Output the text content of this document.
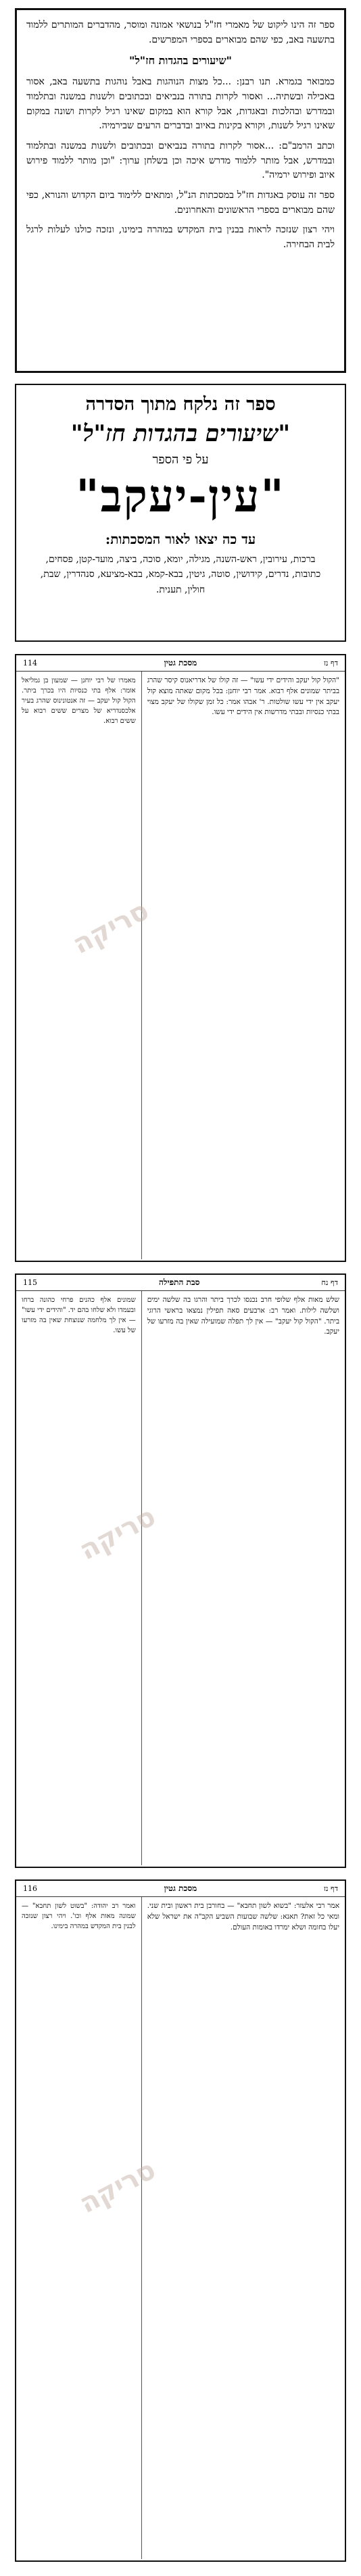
ספר זה הינו ליקוט של מאמרי חז"ל בנושאי אמונה ומוסר, מהדברים המותרים ללמוד בתשעה באב, כפי שהם מבוארים בספרי המפרשים.

"שיעורים בהגדות חז"ל"

כמבואר בגמרא. תנו רבנן: ...כל מצות הנוהגות באבל נוהגות בתשעה באב, אסור באכילה ובשתיה... ואסור לקרות בתורה בנביאים ובכתובים ולשנות במשנה ובתלמוד ובמדרש ובהלכות ובאגדות, אבל קורא הוא במקום שאינו רגיל לקרות ושונה במקום שאינו רגיל לשנות, וקורא בקינות באיוב ובדברים הרעים שבירמיה.

וכתב הרמב"ם: ...אסור לקרות בתורה בנביאים ובכתובים ולשנות במשנה ובתלמוד ובמדרש, אבל מותר ללמוד מדרש איכה וכן בשלחן ערוך: "וכן מותר ללמוד פירוש איוב ופירוש ירמיה".

ספר זה עוסק באגדות חז"ל במסכתות הנ"ל, ומתאים ללימוד ביום הקדוש והנורא, כפי שהם מבוארים בספרי הראשונים והאחרונים.

ויהי רצון שנזכה לראות בבנין בית המקדש במהרה בימינו, ונזכה כולנו לעלות לרגל לבית הבחירה.

ספר זה נלקח מתוך הסדרה
"שיעורים בהגדות חז"ל"
על פי הספר
"עין-יעקב"
עד כה יצאו לאור המסכתות:
ברכות, עירובין, ראש-השנה, מגילה, יומא, סוכה, ביצה, מועד-קטן, פסחים, כתובות, נדרים, קידושין, סוטה, גיטין, בבא-קמא, בבא-מציעא, סנהדרין, שבת, חולין, תענית.
דף נז
מסכת גטין
114
"הקול קול יעקב והידים ידי עשו" — זה קולו של אדריאנוס קיסר שהרג בביתר שמונים אלף רבוא. אמר רבי יוחנן: בכל מקום שאתה מוצא קול יעקב אין ידי עשו שולטות. ר' אבהו אמר: כל זמן שקולו של יעקב מצוי בבתי כנסיות ובבתי מדרשות אין הידים ידי עשו.
מאמרו של רבי יוחנן — שמעון בן גמליאל אומר: אלף בתי כנסיות היו בכרך ביתר. הקול קול יעקב — זה אנטונינוס שהרג בעיר אלכסנדריא של מצרים ששים רבוא על ששים רבוא.
סריקה
דף נח
סבת התפילה
115
שלש מאות אלף שלופי חרב נכנסו לכרך ביתר והרגו בה שלשה ימים ושלשה לילות. ואמר רב: ארבעים סאה תפילין נמצאו בראשי הרוגי ביתר. "הקול קול יעקב" — אין לך תפלה שמועילה שאין בה מזרעו של יעקב.
שמונים אלף כהנים פרחי כהונה ברחו ובעמדו ולא שלחו בהם יד. "והידים ידי עשו" — אין לך מלחמה שנוצחת שאין בה מזרעו של עשו.
סריקה
דף נז
מסכת גטין
116
אמר רבי אלעזר: "בשוא לשון תחבא" — בחורבן בית ראשון ובית שני. ומאי כל זאת? תאנא: שלשה שבועות השביע הקב"ה את ישראל שלא יעלו בחומה ושלא ימרדו באומות העולם.
ואמר רב יהודה: "בשוט לשון תחבא" — שמונה מאות אלף וכו'. ויהי רצון שנזכה לבנין בית המקדש במהרה בימינו.
סריקה
